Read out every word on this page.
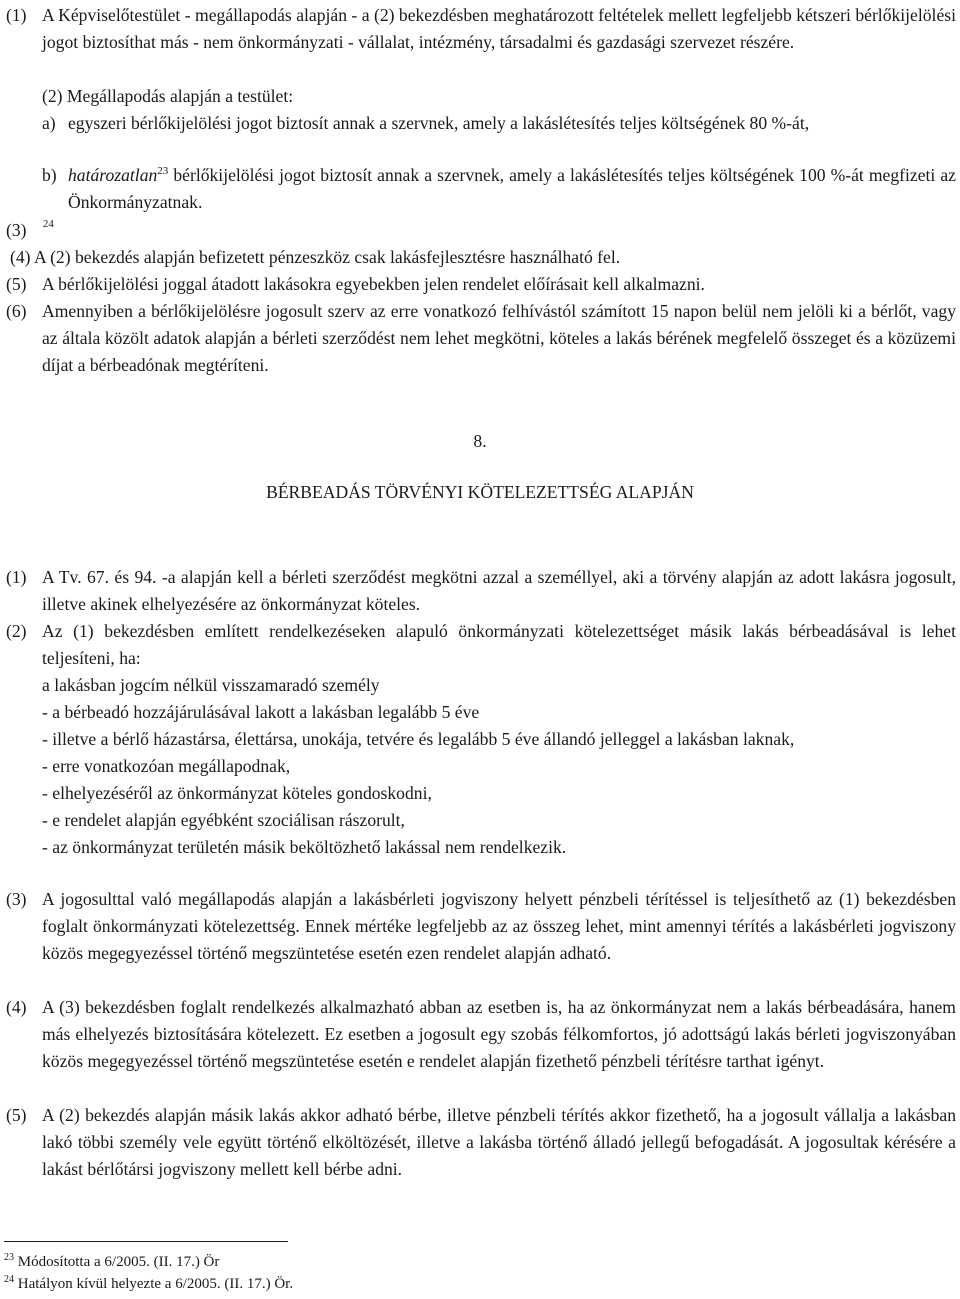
(1) A Képviselőtestület - megállapodás alapján - a (2) bekezdésben meghatározott feltételek mellett legfeljebb kétszeri bérlőkijelölési jogot biztosíthat más - nem önkormányzati - vállalat, intézmény, társadalmi és gazdasági szervezet részére.
(2) Megállapodás alapján a testület:
a) egyszeri bérlőkijelölési jogot biztosít annak a szervnek, amely a lakáslétesítés teljes költségének 80 %-át,
b) határozatlan$^{23}$ bérlőkijelölési jogot biztosít annak a szervnek, amely a lakáslétesítés teljes költségének 100 %-át megfizeti az Önkormányzatnak.
(3) $^{24}$
(4) A (2) bekezdés alapján befizetett pénzeszköz csak lakásfejlesztésre használható fel.
(5) A bérlőkijelölési joggal átadott lakásokra egyebekben jelen rendelet előírásait kell alkalmazni.
(6) Amennyiben a bérlőkijelölésre jogosult szerv az erre vonatkozó felhívástól számított 15 napon belül nem jelöli ki a bérlőt, vagy az általa közölt adatok alapján a bérleti szerződést nem lehet megkötni, köteles a lakás bérének megfelelő összeget és a közüzemi díjat a bérbeadónak megtéríteni.
8.
BÉRBEADÁS TÖRVÉNYI KÖTELEZETTSÉG ALAPJÁN
(1) A Tv. 67. és 94. -a alapján kell a bérleti szerződést megkötni azzal a személlyel, aki a törvény alapján az adott lakásra jogosult, illetve akinek elhelyezésére az önkormányzat köteles.
(2) Az (1) bekezdésben említett rendelkezéseken alapuló önkormányzati kötelezettséget másik lakás bérbeadásával is lehet teljesíteni, ha:
a lakásban jogcím nélkül visszamaradó személy
- a bérbeadó hozzájárulásával lakott a lakásban legalább 5 éve
- illetve a bérlő házastársa, élettársa, unokája, tetvére és legalább 5 éve állandó jelleggel a lakásban laknak,
- erre vonatkozóan megállapodnak,
- elhelyezéséről az önkormányzat köteles gondoskodni,
- e rendelet alapján egyébként szociálisan rászorult,
- az önkormányzat területén másik beköltözhető lakással nem rendelkezik.
(3) A jogosulttal való megállapodás alapján a lakásbérleti jogviszony helyett pénzbeli térítéssel is teljesíthető az (1) bekezdésben foglalt önkormányzati kötelezettség. Ennek mértéke legfeljebb az az összeg lehet, mint amennyi térítés a lakásbérleti jogviszony közös megegyezéssel történő megszüntetése esetén ezen rendelet alapján adható.
(4) A (3) bekezdésben foglalt rendelkezés alkalmazható abban az esetben is, ha az önkormányzat nem a lakás bérbeadására, hanem más elhelyezés biztosítására kötelezett. Ez esetben a jogosult egy szobás félkomfortos, jó adottságú lakás bérleti jogviszonyában közös megegyezéssel történő megszüntetése esetén e rendelet alapján fizethető pénzbeli térítésre tarthat igényt.
(5) A (2) bekezdés alapján másik lakás akkor adható bérbe, illetve pénzbeli térítés akkor fizethető, ha a jogosult vállalja a lakásban lakó többi személy vele együtt történő elköltözését, illetve a lakásba történő álladó jellegű befogadását. A jogosultak kérésére a lakást bérlőtársi jogviszony mellett kell bérbe adni.
$^{23}$ Módosította a 6/2005. (II. 17.) Ör
$^{24}$ Hatályon kívül helyezte a 6/2005. (II. 17.) Ör.
